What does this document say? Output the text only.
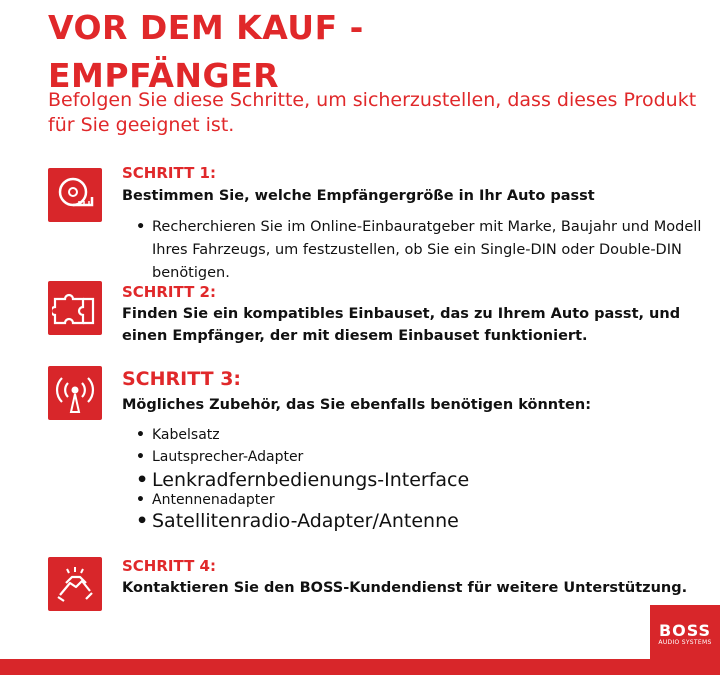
VOR DEM KAUF -
EMPFÄNGER
Befolgen Sie diese Schritte, um sicherzustellen, dass dieses Produkt für Sie geeignet ist.
SCHRITT 1:
Bestimmen Sie, welche Empfängergröße in Ihr Auto passt
• Recherchieren Sie im Online-Einbauratgeber mit Marke, Baujahr und Modell Ihres Fahrzeugs, um festzustellen, ob Sie ein Single-DIN oder Double-DIN benötigen.
SCHRITT 2:
Finden Sie ein kompatibles Einbauset, das zu Ihrem Auto passt, und einen Empfänger, der mit diesem Einbauset funktioniert.
SCHRITT 3:
Mögliches Zubehör, das Sie ebenfalls benötigen könnten:
• Kabelsatz
• Lautsprecher-Adapter
• Lenkradfernbedienungs-Interface
• Antennenadapter
• Satellitenradio-Adapter/Antenne
SCHRITT 4:
Kontaktieren Sie den BOSS-Kundendienst für weitere Unterstützung.
BOSS
AUDIO SYSTEMS
